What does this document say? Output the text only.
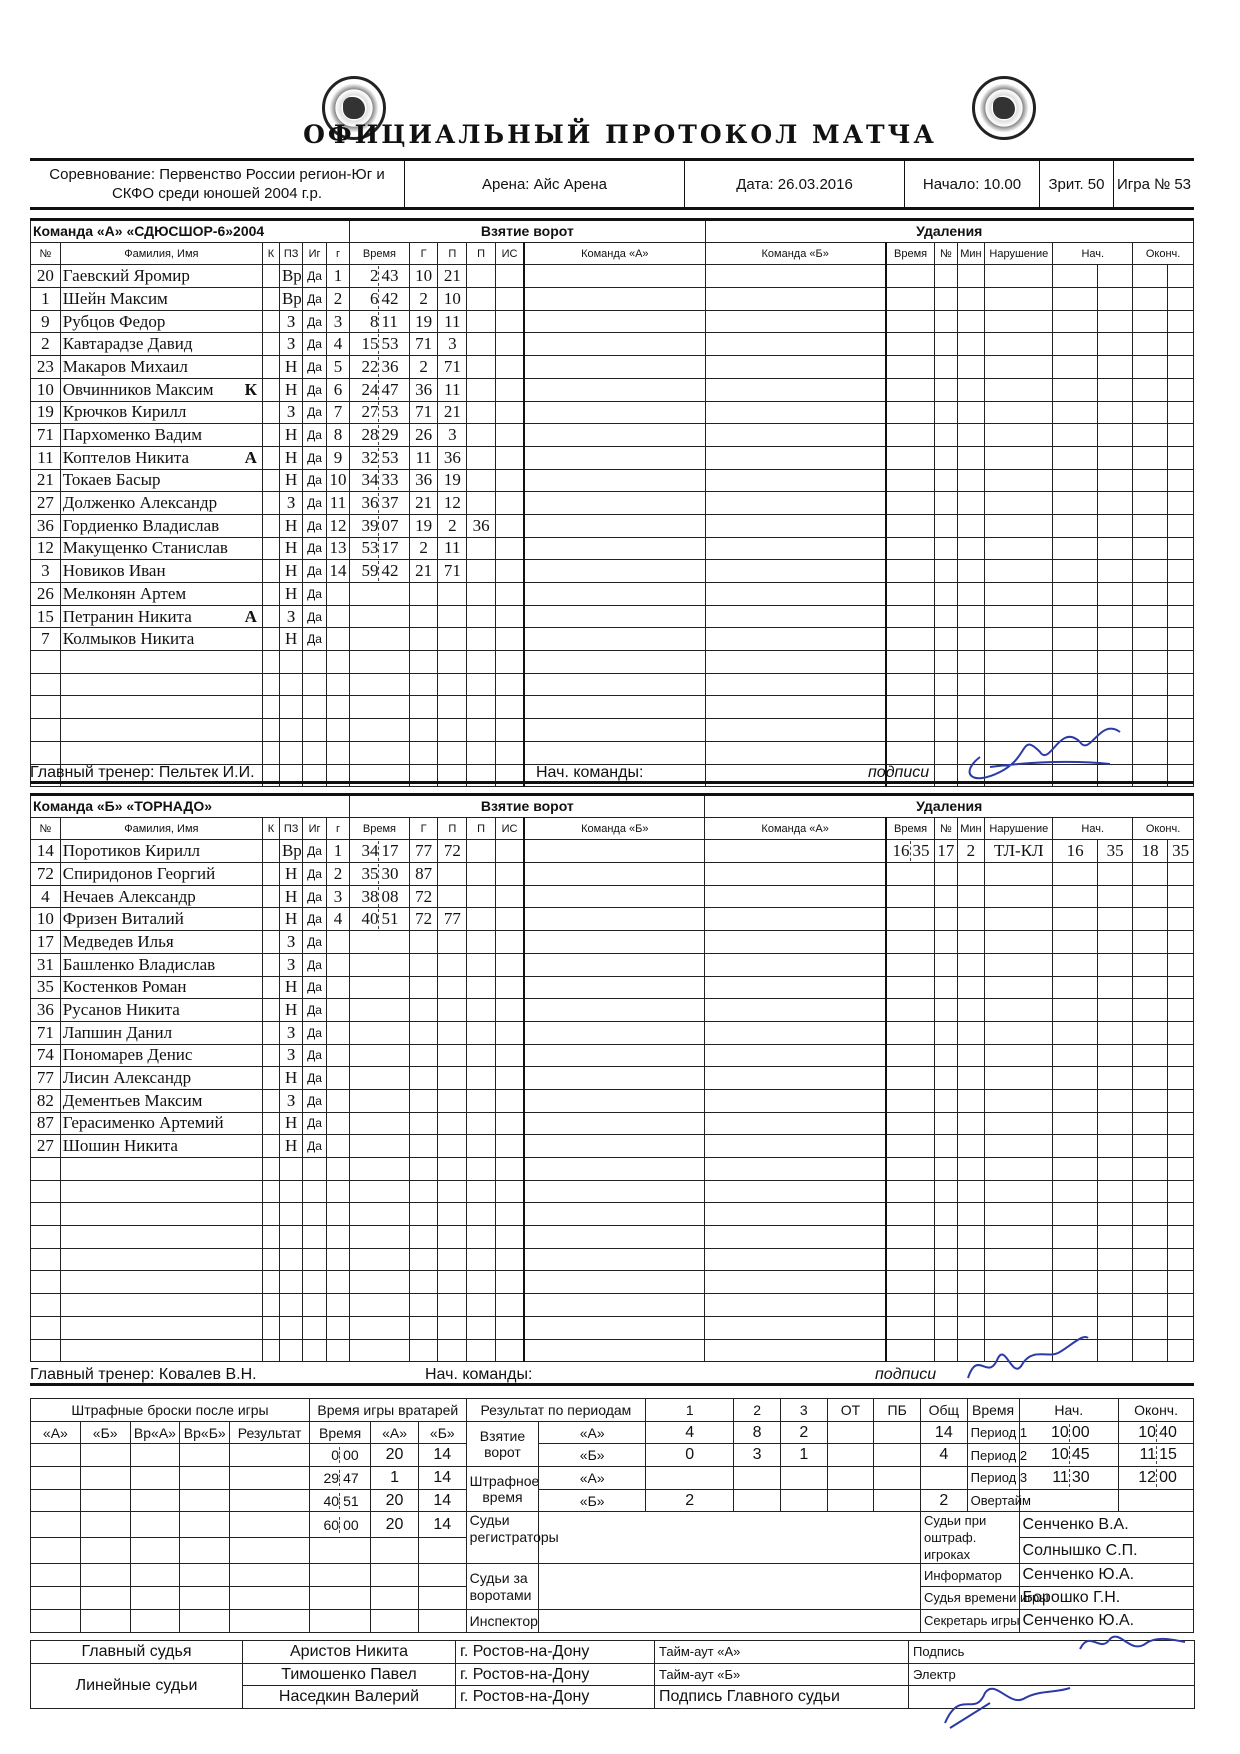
ОФИЦИАЛЬНЫЙ ПРОТОКОЛ МАТЧА
Соревнование: Первенство России регион-Юг и СКФО среди юношей 2004 г.р.
Арена: Айс Арена	Дата: 26.03.2016	Начало: 10.00	Зрит. 50 Игра № 53
Команда «А» «СДЮСШОР-6»2004						Взятие ворот						Удаления								
№	Фамилия, Имя	К	ПЗ	Иг	г	Время	Г	П	П	ИС	Команда «А»	Команда «Б»	Время	№	Мин	Нарушение	Нач.		Оконч.	
20	Гаевский Яромир		Вр	Да	1	2 43	10	21												
1	Шейн Максим		Вр	Да	2	6 42	2	10												
9	Рубцов Федор		З	Да	3	8 11	19	11												
2	Кавтарадзе Давид		З	Да	4	15 53	71	3												
23	Макаров Михаил		Н	Да	5	22 36	2	71												
10	Овчинников Максим К		Н	Да	6	24 47	36	11												
19	Крючков Кирилл		З	Да	7	27 53	71	21												
71	Пархоменко Вадим		Н	Да	8	28 29	26	3												
11	Коптелов Никита А		Н	Да	9	32 53	11	36												
21	Токаев Басыр		Н	Да	10	34 33	36	19												
27	Долженко Александр		З	Да	11	36 37	21	12												
36	Гордиенко Владислав		Н	Да	12	39 07	19	2	36											
12	Макущенко Станислав		Н	Да	13	53 17	2	11												
3	Новиков Иван		Н	Да	14	59 42	21	71												
26	Мелконян Артем		Н	Да																
15	Петранин Никита А		З	Да																
7	Колмыков Никита		Н	Да																

Главный тренер: Пельтек И.И.	Нач. команды:	подписи
Команда «Б» «ТОРНАДО»						Взятие ворот						Удаления								
№	Фамилия, Имя	К	ПЗ	Иг	г	Время	Г	П	П	ИС	Команда «Б»	Команда «А»	Время	№	Мин	Нарушение	Нач.		Оконч.	
14	Поротиков Кирилл		Вр	Да	1	34 17	77	72					16 35	17	2	ТЛ-КЛ	16	35	18	35
72	Спиридонов Георгий		Н	Да	2	35 30	87													
4	Нечаев Александр		Н	Да	3	38 08	72													
10	Фризен Виталий		Н	Да	4	40 51	72	77												
17	Медведев Илья		З	Да																
31	Башленко Владислав		З	Да																
35	Костенков Роман		Н	Да																
36	Русанов Никита		Н	Да																
71	Лапшин Данил		З	Да																
74	Пономарев Денис		З	Да																
77	Лисин Александр		Н	Да																
82	Дементьев Максим		З	Да																
87	Герасименко Артемий		Н	Да																
27	Шошин Никита		Н	Да																

Главный тренер: Ковалев В.Н.	Нач. команды:	подписи
Штрафные броски после игры					Время игры вратарей			Результат по периодам		1	2	3	ОТ	ПБ	Общ	Время	Нач.	Оконч.
«А»	«Б»	Вр«А»	Вр«Б»	Результат	Время	«А»	«Б»	Взятие ворот	«А»	4	8	2			14	Период 1	10 00	10 40
					0 00	20	14		«Б»	0	3	1			4	Период 2	10 45	11 15
					29 47	1	14	Штрафное время	«А»							Период 3	11 30	12 00
					40 51	20	14		«Б»	2					2	Овертайм		
					60 00	20	14	Судьи регистраторы							Судьи при оштраф. игроках		Сенченко В.А.	
																	Солнышко С.П.	
								Судьи за воротами							Информатор		Сенченко Ю.А.	
															Судья времени игры		Борошко Г.Н.	
								Инспектор							Секретарь игры		Сенченко Ю.А.	
Главный судья	Аристов Никита	г. Ростов-на-Дону	Тайм-аут «А»	Подпись
Линейные судьи	Тимошенко Павел	г. Ростов-на-Дону	Тайм-аут «Б»	Электр
	Наседкин Валерий	г. Ростов-на-Дону	Подпись Главного судьи	
